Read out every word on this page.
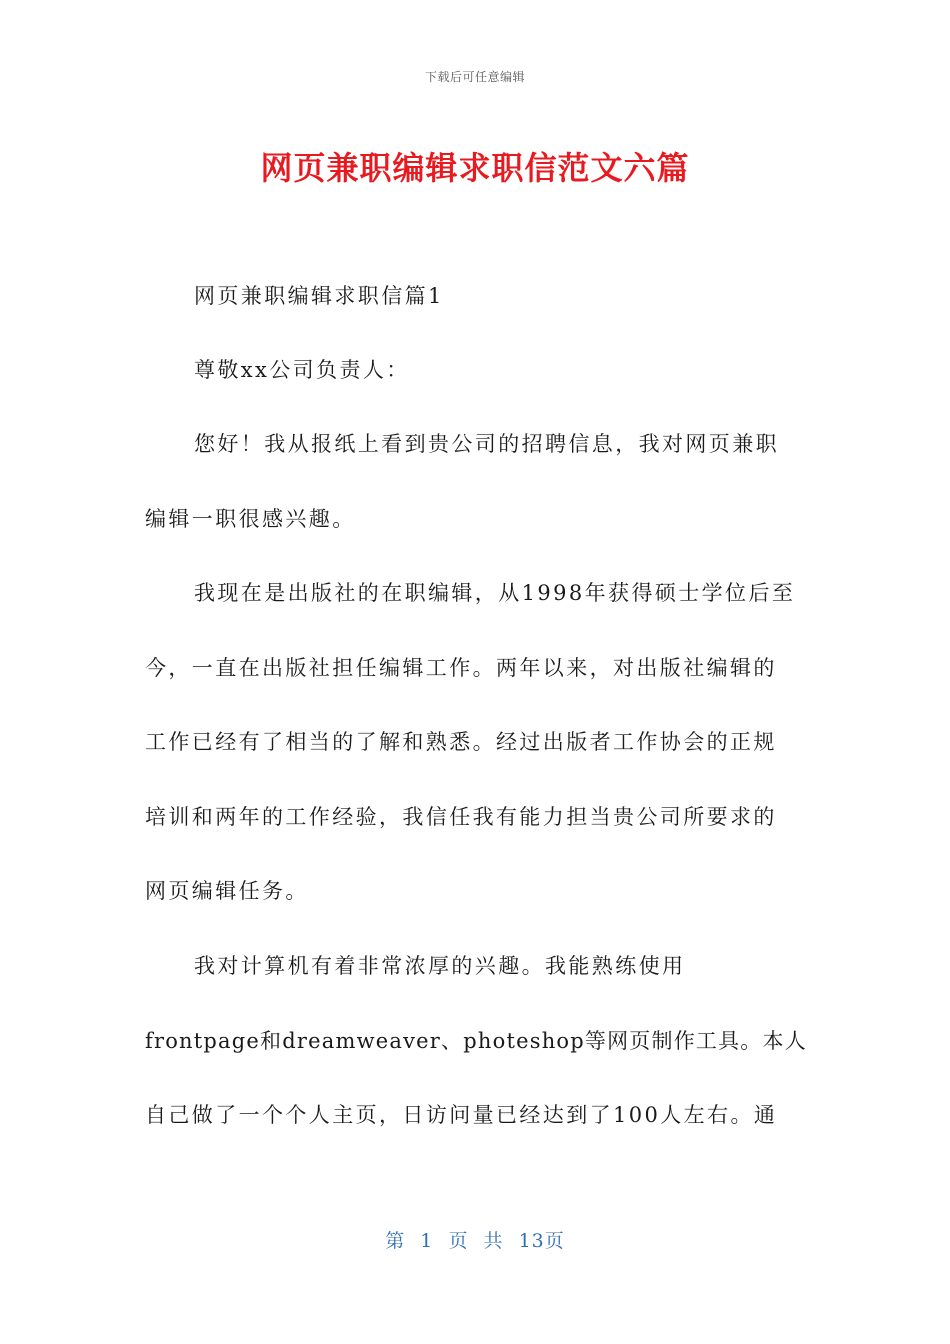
下载后可任意编辑
网页兼职编辑求职信范文六篇
网页兼职编辑求职信篇1
尊敬xx公司负责人：
您好！我从报纸上看到贵公司的招聘信息，我对网页兼职
编辑一职很感兴趣。
我现在是出版社的在职编辑，从1998年获得硕士学位后至
今，一直在出版社担任编辑工作。两年以来，对出版社编辑的
工作已经有了相当的了解和熟悉。经过出版者工作协会的正规
培训和两年的工作经验，我信任我有能力担当贵公司所要求的
网页编辑任务。
我对计算机有着非常浓厚的兴趣。我能熟练使用
frontpage和dreamweaver、photeshop等网页制作工具。本人
自己做了一个个人主页，日访问量已经达到了100人左右。通
第 1 页 共 13页
